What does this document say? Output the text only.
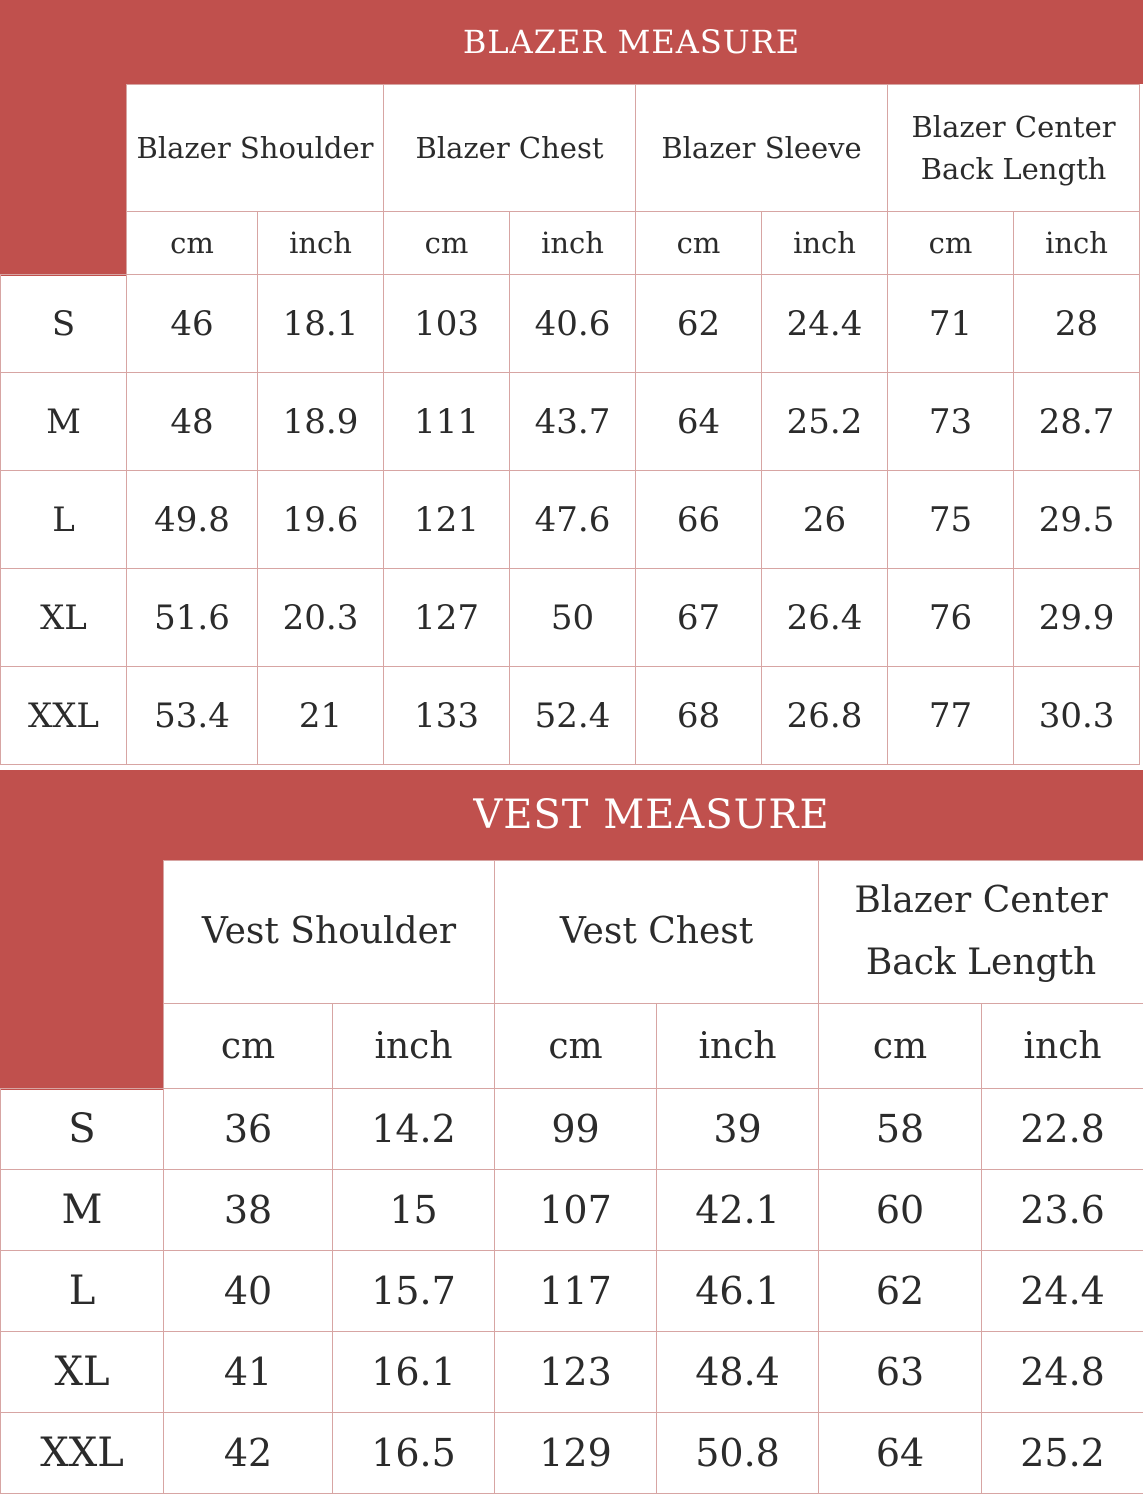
BLAZER MEASURE
	Blazer Shoulder		Blazer Chest		Blazer Sleeve		Blazer Center
Back Length	
	cm	inch	cm	inch	cm	inch	cm	inch
S	46	18.1	103	40.6	62	24.4	71	28
M	48	18.9	111	43.7	64	25.2	73	28.7
L	49.8	19.6	121	47.6	66	26	75	29.5
XL	51.6	20.3	127	50	67	26.4	76	29.9
XXL	53.4	21	133	52.4	68	26.8	77	30.3
VEST MEASURE
	Vest Shoulder		Vest Chest		Blazer Center
Back Length	
	cm	inch	cm	inch	cm	inch
S	36	14.2	99	39	58	22.8
M	38	15	107	42.1	60	23.6
L	40	15.7	117	46.1	62	24.4
XL	41	16.1	123	48.4	63	24.8
XXL	42	16.5	129	50.8	64	25.2
